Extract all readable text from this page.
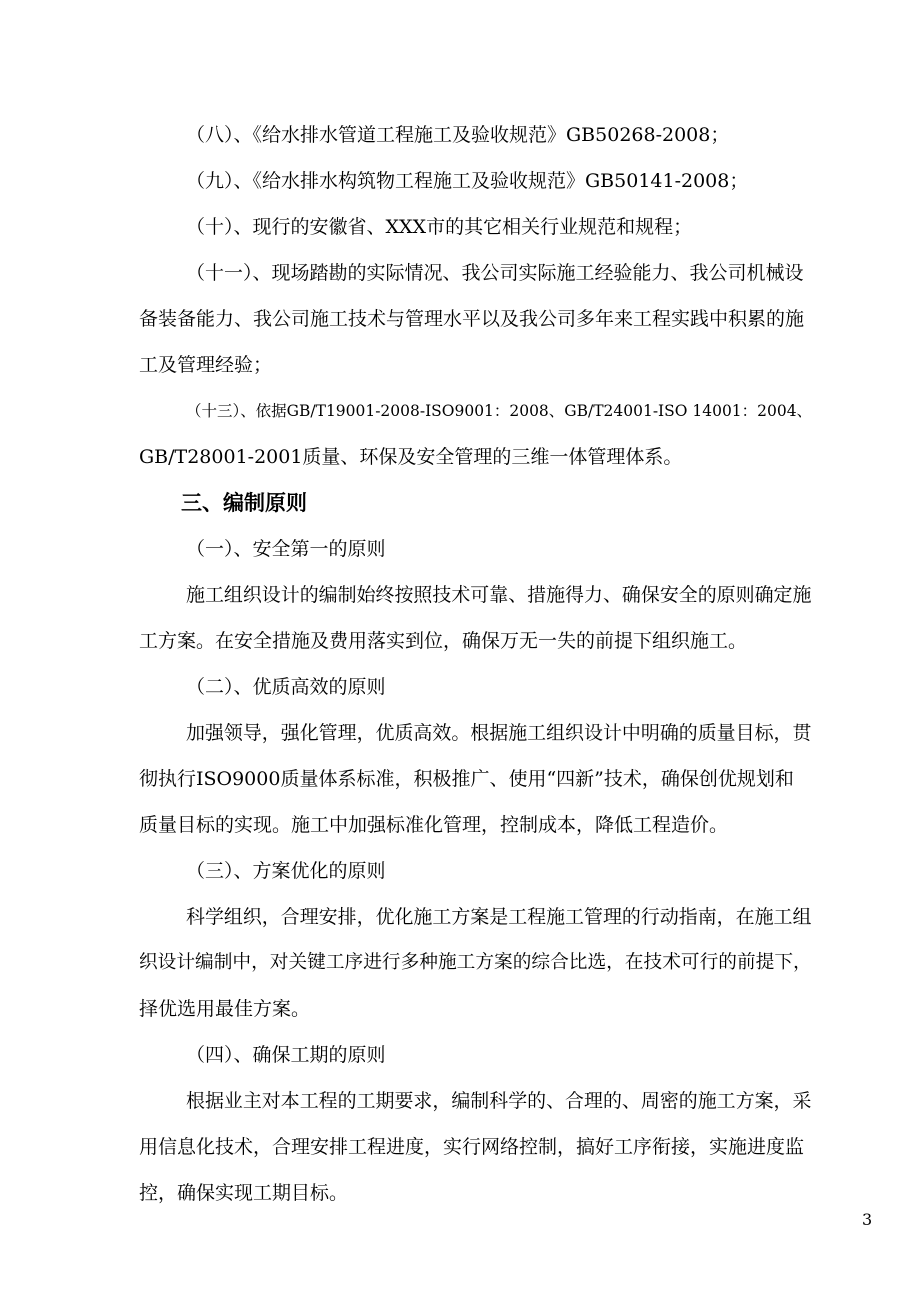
（八）、《给水排水管道工程施工及验收规范》GB50268-2008；
（九）、《给水排水构筑物工程施工及验收规范》GB50141-2008；
（十）、现行的安徽省、XXX市的其它相关行业规范和规程；
（十一）、现场踏勘的实际情况、我公司实际施工经验能力、我公司机械设
备装备能力、我公司施工技术与管理水平以及我公司多年来工程实践中积累的施
工及管理经验；
（十三）、依据GB/T19001-2008-ISO9001：2008、GB/T24001-ISO 14001：2004、
GB/T28001-2001质量、环保及安全管理的三维一体管理体系。
三、编制原则
（一）、安全第一的原则
施工组织设计的编制始终按照技术可靠、措施得力、确保安全的原则确定施
工方案。在安全措施及费用落实到位，确保万无一失的前提下组织施工。
（二）、优质高效的原则
加强领导，强化管理，优质高效。根据施工组织设计中明确的质量目标，贯
彻执行ISO9000质量体系标准，积极推广、使用“四新”技术，确保创优规划和
质量目标的实现。施工中加强标准化管理，控制成本，降低工程造价。
（三）、方案优化的原则
科学组织，合理安排，优化施工方案是工程施工管理的行动指南，在施工组
织设计编制中，对关键工序进行多种施工方案的综合比选，在技术可行的前提下，
择优选用最佳方案。
（四）、确保工期的原则
根据业主对本工程的工期要求，编制科学的、合理的、周密的施工方案，采
用信息化技术，合理安排工程进度，实行网络控制，搞好工序衔接，实施进度监
控，确保实现工期目标。
3
